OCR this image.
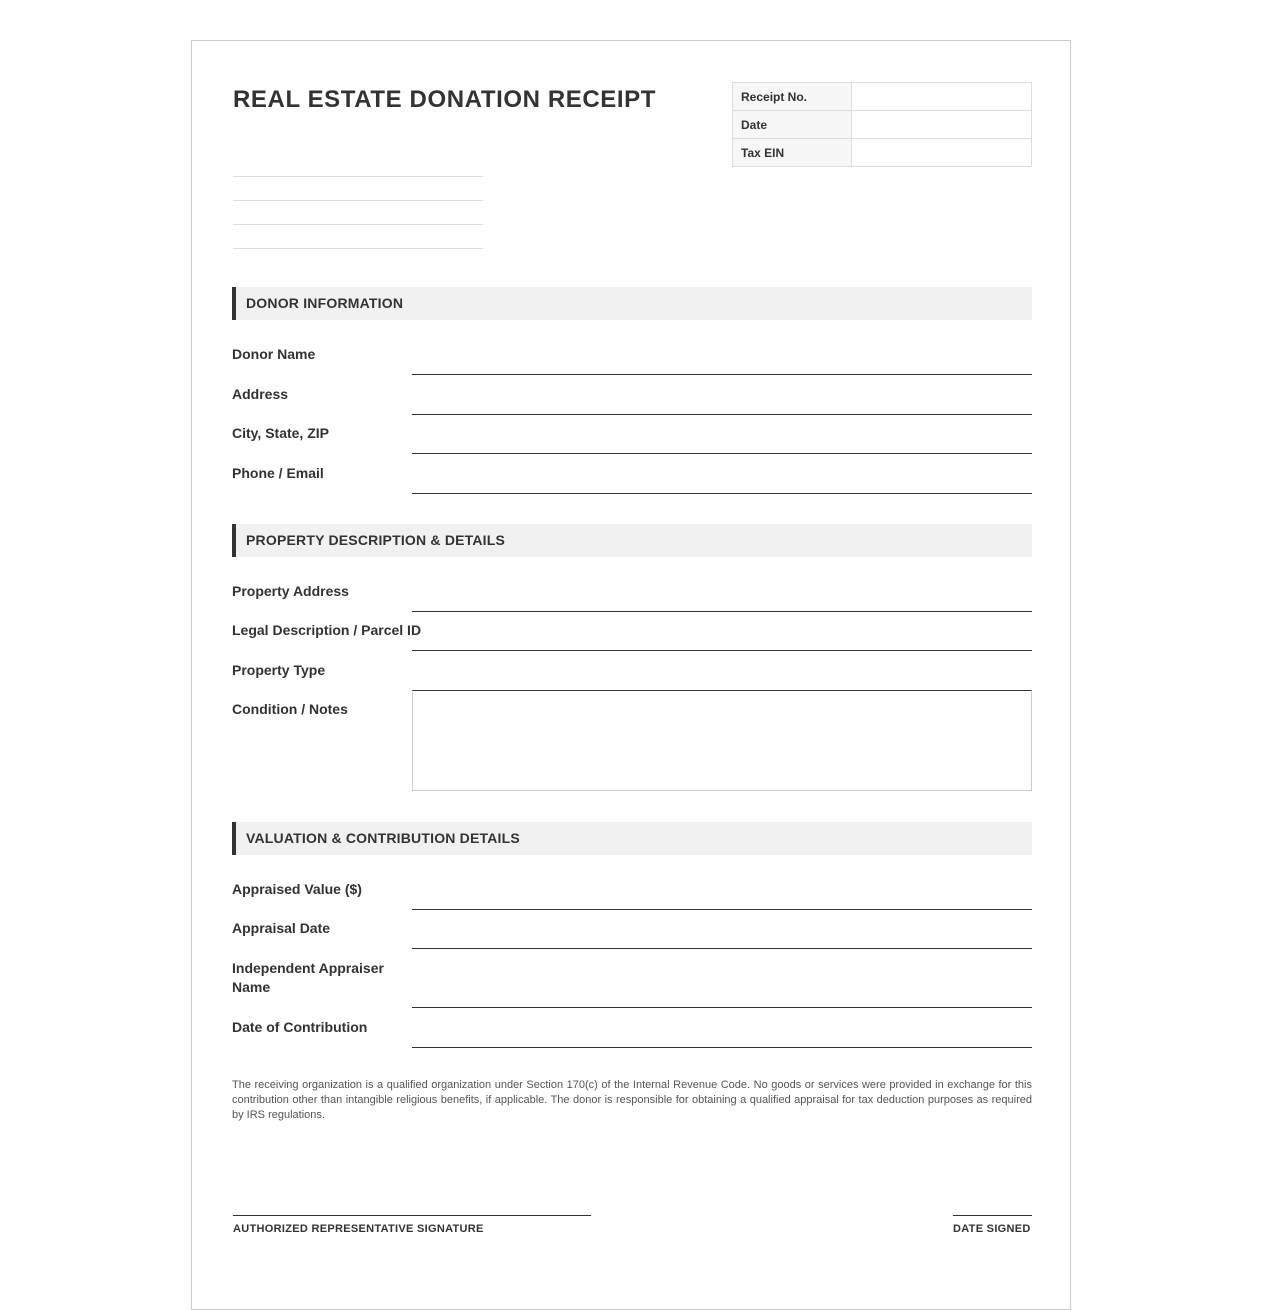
REAL ESTATE DONATION RECEIPT	Receipt No.	
Date	
Tax EIN	
DONOR INFORMATION
Donor Name
Address
City, State, ZIP
Phone / Email
PROPERTY DESCRIPTION & DETAILS
Property Address
Legal Description / Parcel ID
Property Type
Condition / Notes
VALUATION & CONTRIBUTION DETAILS
Appraised Value ($)
Appraisal Date
Independent Appraiser Name
Date of Contribution
The receiving organization is a qualified organization under Section 170(c) of the Internal Revenue Code. No goods or services were provided in exchange for this contribution other than intangible religious benefits, if applicable. The donor is responsible for obtaining a qualified appraisal for tax deduction purposes as required by IRS regulations.
AUTHORIZED REPRESENTATIVE SIGNATURE	DATE SIGNED
